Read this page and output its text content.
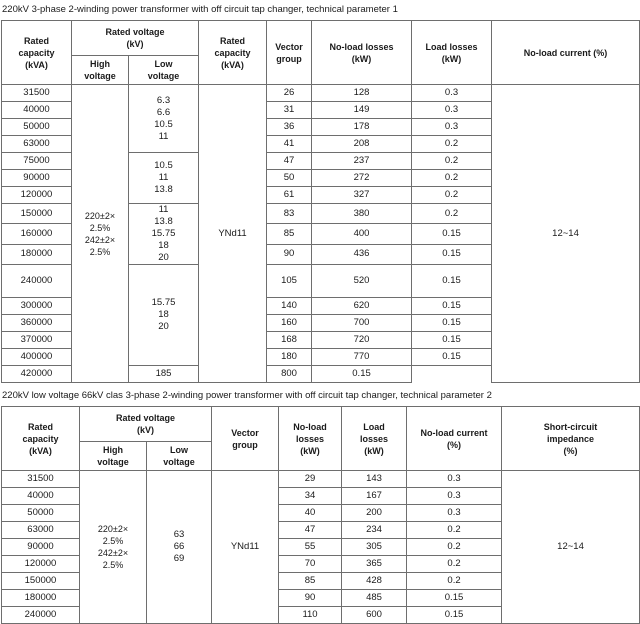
220kV 3-phase 2-winding power transformer with off circuit tap changer, technical parameter 1
Rated
capacity
(kVA)	Rated voltage
(kV)		Rated
capacity
(kVA)	Vector
group	No-load losses
(kW)	Load losses
(kW)	No-load current (%)

	High
voltage	Low
voltage					

31500	220±2×
2.5%
242±2×
2.5%	6.3
6.6
10.5
11	YNd11	26	128	0.3	12~14
40000				31	149	0.3	
50000				36	178	0.3	
63000				41	208	0.2	
75000		10.5
11
13.8		47	237	0.2	
90000				50	272	0.2	
120000				61	327	0.2	
150000		11
13.8
15.75
18
20		83	380	0.2	
160000				85	400	0.15	
180000				90	436	0.15	
240000		15.75
18
20		105	520	0.15	
300000				140	620	0.15	
360000				160	700	0.15	
370000				168	720	0.15	
400000				180	770	0.15	
420000		185		800	0.15		
220kV low voltage 66kV clas 3-phase 2-winding power transformer with off circuit tap changer, technical parameter 2
Rated
capacity
(kVA)	Rated voltage
(kV)		Vector
group	No-load
losses
(kW)	Load
losses
(kW)	No-load current
(%)	Short-circuit
impedance
(%)

	High
voltage	Low
voltage					

31500	220±2×
2.5%
242±2×
2.5%	63
66
69	YNd11	29	143	0.3	12~14
40000				34	167	0.3	
50000				40	200	0.3	
63000				47	234	0.2	
90000				55	305	0.2	
120000				70	365	0.2	
150000				85	428	0.2	
180000				90	485	0.15	
240000				110	600	0.15	
